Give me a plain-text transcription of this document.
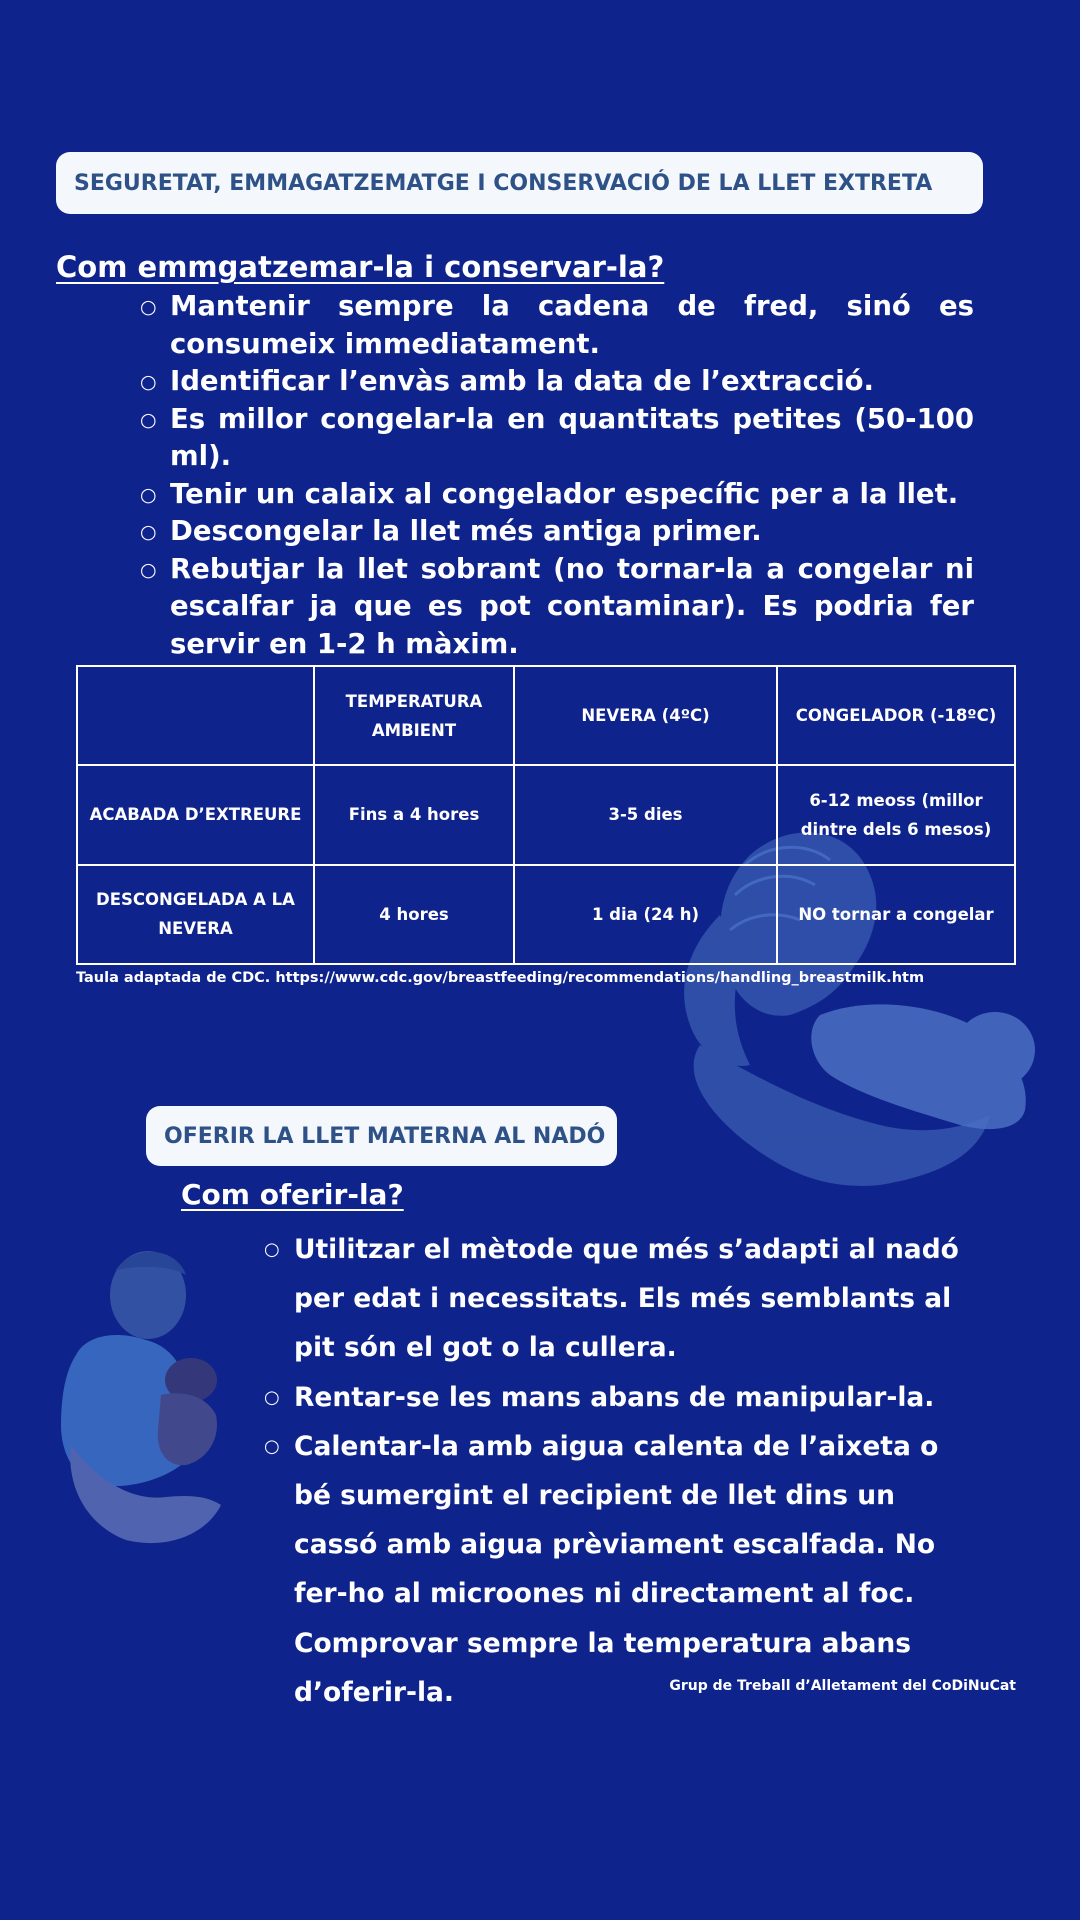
SEGURETAT, EMMAGATZEMATGE I CONSERVACIÓ DE LA LLET EXTRETA
Com emmgatzemar-la i conservar-la?
○ Mantenir sempre la cadena de fred, sinó es consumeix immediatament.
○ Identificar l’envàs amb la data de l’extracció.
○ Es millor congelar-la en quantitats petites (50-100 ml).
○ Tenir un calaix al congelador específic per a la llet.
○ Descongelar la llet més antiga primer.
○ Rebutjar la llet sobrant (no tornar-la a congelar ni escalfar ja que es pot contaminar). Es podria fer servir en 1-2 h màxim.
	TEMPERATURA AMBIENT	NEVERA (4ºC)	CONGELADOR (-18ºC)
ACABADA D’EXTREURE	Fins a 4 hores	3-5 dies	6-12 meoss (millor dintre dels 6 mesos)
DESCONGELADA A LA NEVERA	4 hores	1 dia (24 h)	NO tornar a congelar
Taula adaptada de CDC. https://www.cdc.gov/breastfeeding/recommendations/handling_breastmilk.htm
OFERIR LA LLET MATERNA AL NADÓ
Com oferir-la?
○ Utilitzar el mètode que més s’adapti al nadó per edat i necessitats. Els més semblants al pit són el got o la cullera.
○ Rentar-se les mans abans de manipular-la.
○ Calentar-la amb aigua calenta de l’aixeta o bé sumergint el recipient de llet dins un cassó amb aigua prèviament escalfada. No fer-ho al microones ni directament al foc. Comprovar sempre la temperatura abans d’oferir-la.	Grup de Treball d’Alletament del CoDiNuCat
